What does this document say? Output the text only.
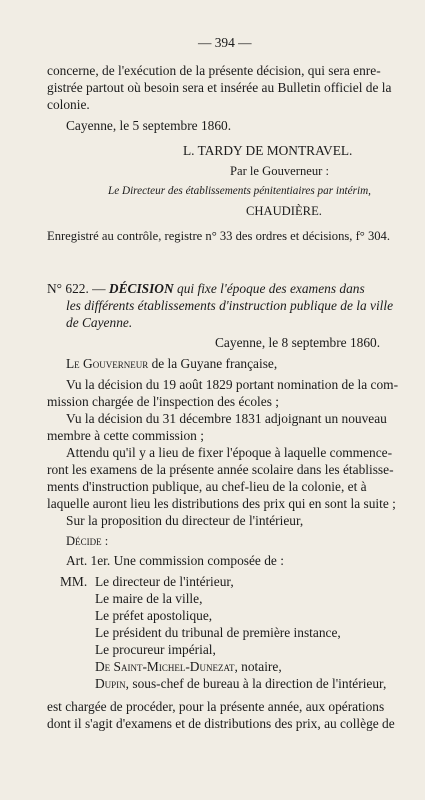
— 394 —
concerne, de l'exécution de la présente décision, qui sera enre-
gistrée partout où besoin sera et insérée au Bulletin officiel de la
colonie.
Cayenne, le 5 septembre 1860.
L. TARDY DE MONTRAVEL.
Par le Gouverneur :
Le Directeur des établissements pénitentiaires par intérim,
CHAUDIÈRE.
Enregistré au contrôle, registre n° 33 des ordres et décisions, f° 304.
N° 622. — DÉCISION qui fixe l'époque des examens dans
les différents établissements d'instruction publique de la ville
de Cayenne.
Cayenne, le 8 septembre 1860.
Le Gouverneur de la Guyane française,
Vu la décision du 19 août 1829 portant nomination de la com-
mission chargée de l'inspection des écoles ;
Vu la décision du 31 décembre 1831 adjoignant un nouveau
membre à cette commission ;
Attendu qu'il y a lieu de fixer l'époque à laquelle commence-
ront les examens de la présente année scolaire dans les établisse-
ments d'instruction publique, au chef-lieu de la colonie, et à
laquelle auront lieu les distributions des prix qui en sont la suite ;
Sur la proposition du directeur de l'intérieur,
Décide :
Art. 1er. Une commission composée de :
MM. Le directeur de l'intérieur,
Le maire de la ville,
Le préfet apostolique,
Le président du tribunal de première instance,
Le procureur impérial,
De Saint-Michel-Dunezat, notaire,
Dupin, sous-chef de bureau à la direction de l'intérieur,
est chargée de procéder, pour la présente année, aux opérations
dont il s'agit d'examens et de distributions des prix, au collège de
